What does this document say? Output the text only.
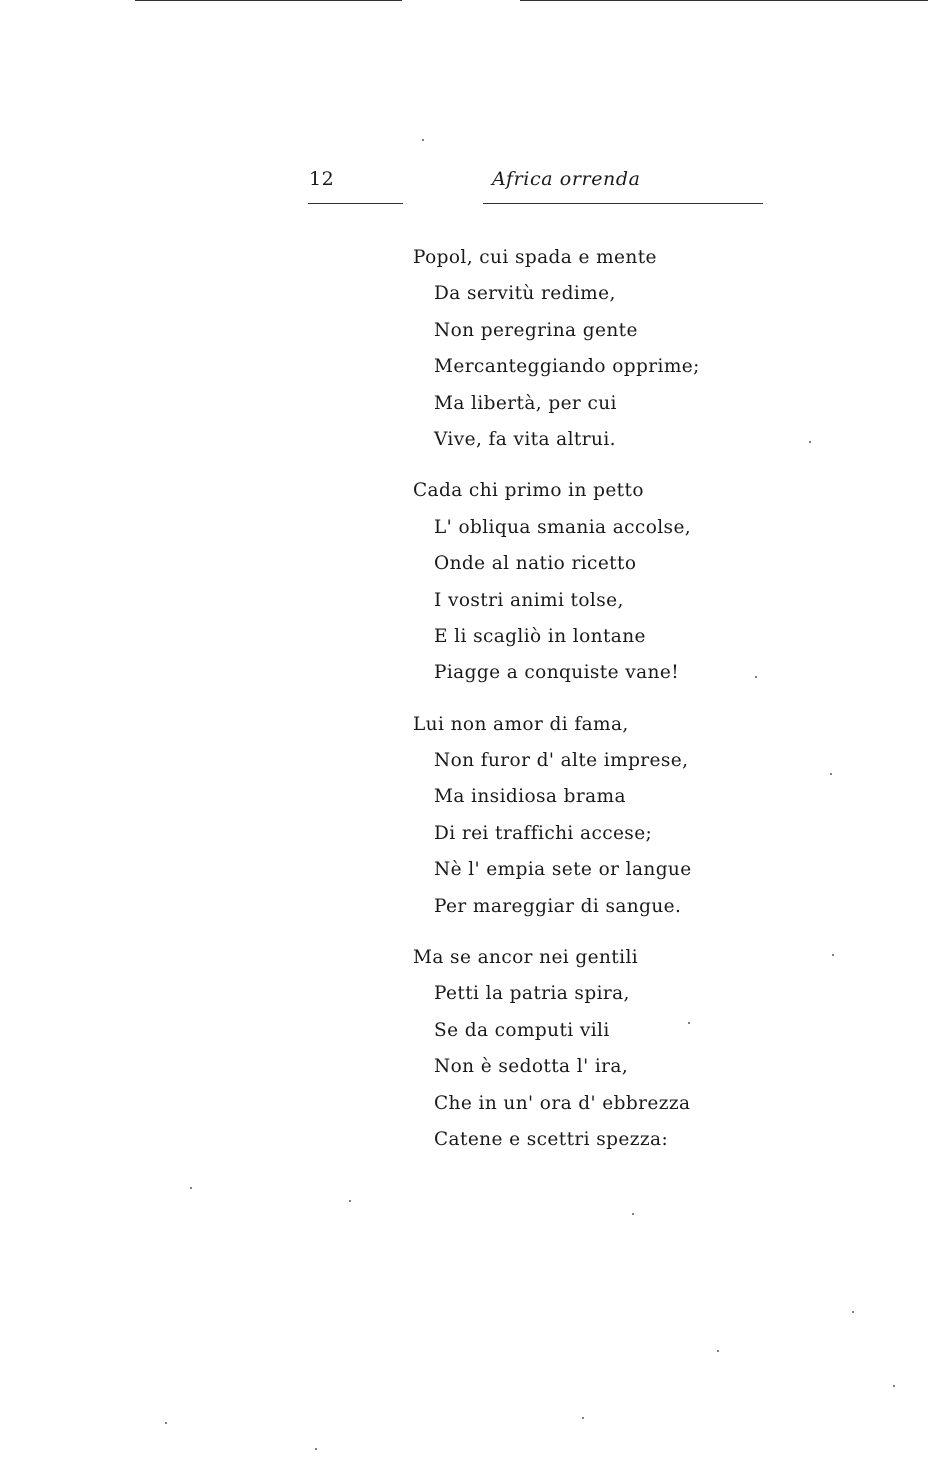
12	Africa orrenda
Popol, cui spada e mente
Da servitù redime,
Non peregrina gente
Mercanteggiando opprime;
Ma libertà, per cui
Vive, fa vita altrui.
Cada chi primo in petto
L' obliqua smania accolse,
Onde al natio ricetto
I vostri animi tolse,
E li scagliò in lontane
Piagge a conquiste vane!
Lui non amor di fama,
Non furor d' alte imprese,
Ma insidiosa brama
Di rei traffichi accese;
Nè l' empia sete or langue
Per mareggiar di sangue.
Ma se ancor nei gentili
Petti la patria spira,
Se da computi vili
Non è sedotta l' ira,
Che in un' ora d' ebbrezza
Catene e scettri spezza:
